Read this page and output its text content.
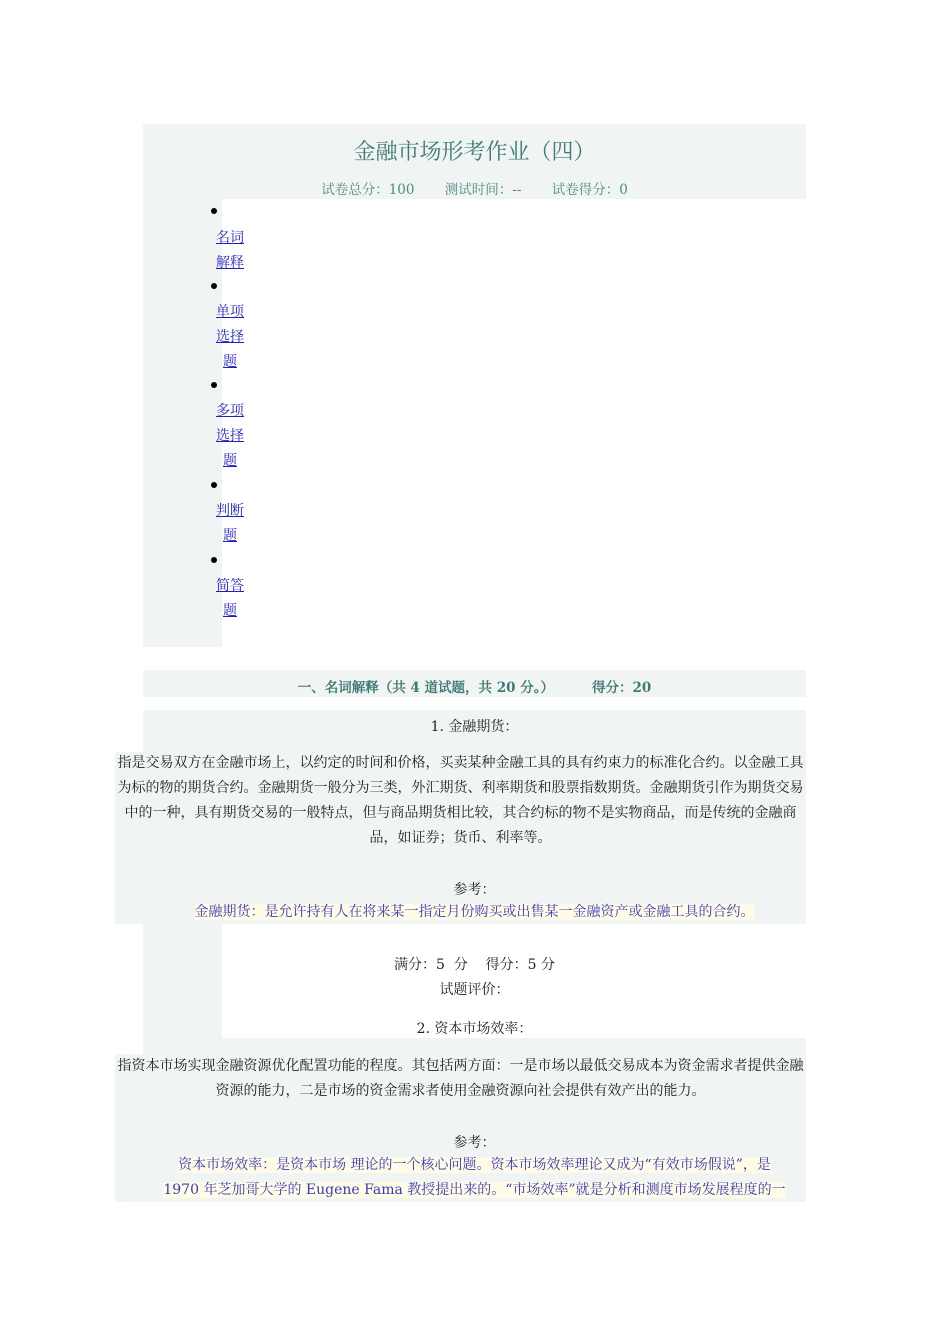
金融市场形考作业（四）
试卷总分：100 测试时间：-- 试卷得分：0
名词解释
单项选择题
多项选择题
判断题
简答题
一、名词解释（共 4 道试题，共 20 分。）	得分：20
1. 金融期货：
指是交易双方在金融市场上，以约定的时间和价格，买卖某种金融工具的具有约束力的标准化合约。以金融工具为标的物的期货合约。金融期货一般分为三类，外汇期货、利率期货和股票指数期货。金融期货引作为期货交易中的一种，具有期货交易的一般特点，但与商品期货相比较，其合约标的物不是实物商品，而是传统的金融商品，如证券；货币、利率等。
参考：
金融期货：是允许持有人在将来某一指定月份购买或出售某一金融资产或金融工具的合约。
满分：5  分    得分：5 分
试题评价：
2. 资本市场效率：
指资本市场实现金融资源优化配置功能的程度。其包括两方面：一是市场以最低交易成本为资金需求者提供金融资源的能力，二是市场的资金需求者使用金融资源向社会提供有效产出的能力。
参考：
资本市场效率：是资本市场 理论的一个核心问题。资本市场效率理论又成为“有效市场假说”，是
1970 年芝加哥大学的 Eugene Fama 教授提出来的。“市场效率”就是分析和测度市场发展程度的一
